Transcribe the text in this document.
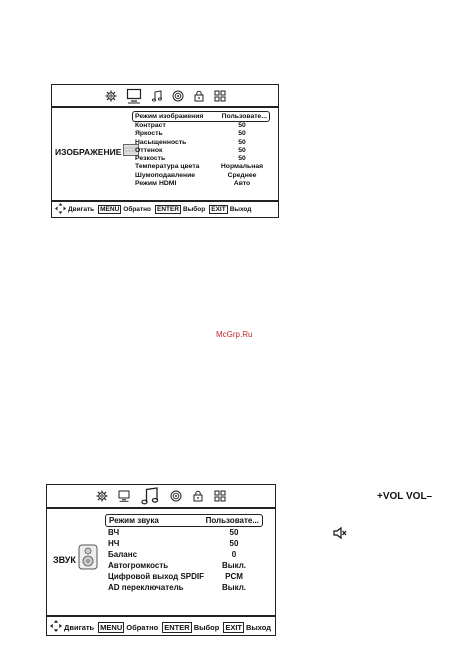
ИЗОБРАЖЕНИЕ
Режим изображения	Пользовате...
Контраст	50
Яркость	50
Насыщенность	50
Оттенок	50
Резкость	50
Температура цвета	Нормальная
Шумоподавление	Среднее
Режим HDMI	Авто
Двигать MENU Обратно ENTER Выбор EXIT Выход
McGrp.Ru
ЗВУК
Режим звука	Пользовате...
ВЧ	50
НЧ	50
Баланс	0
Автогромкость	Выкл.
Цифровой выход SPDIF	PCM
AD переключатель	Выкл.
Двигать MENU Обратно ENTER Выбор EXIT Выход
+VOL VOL–
